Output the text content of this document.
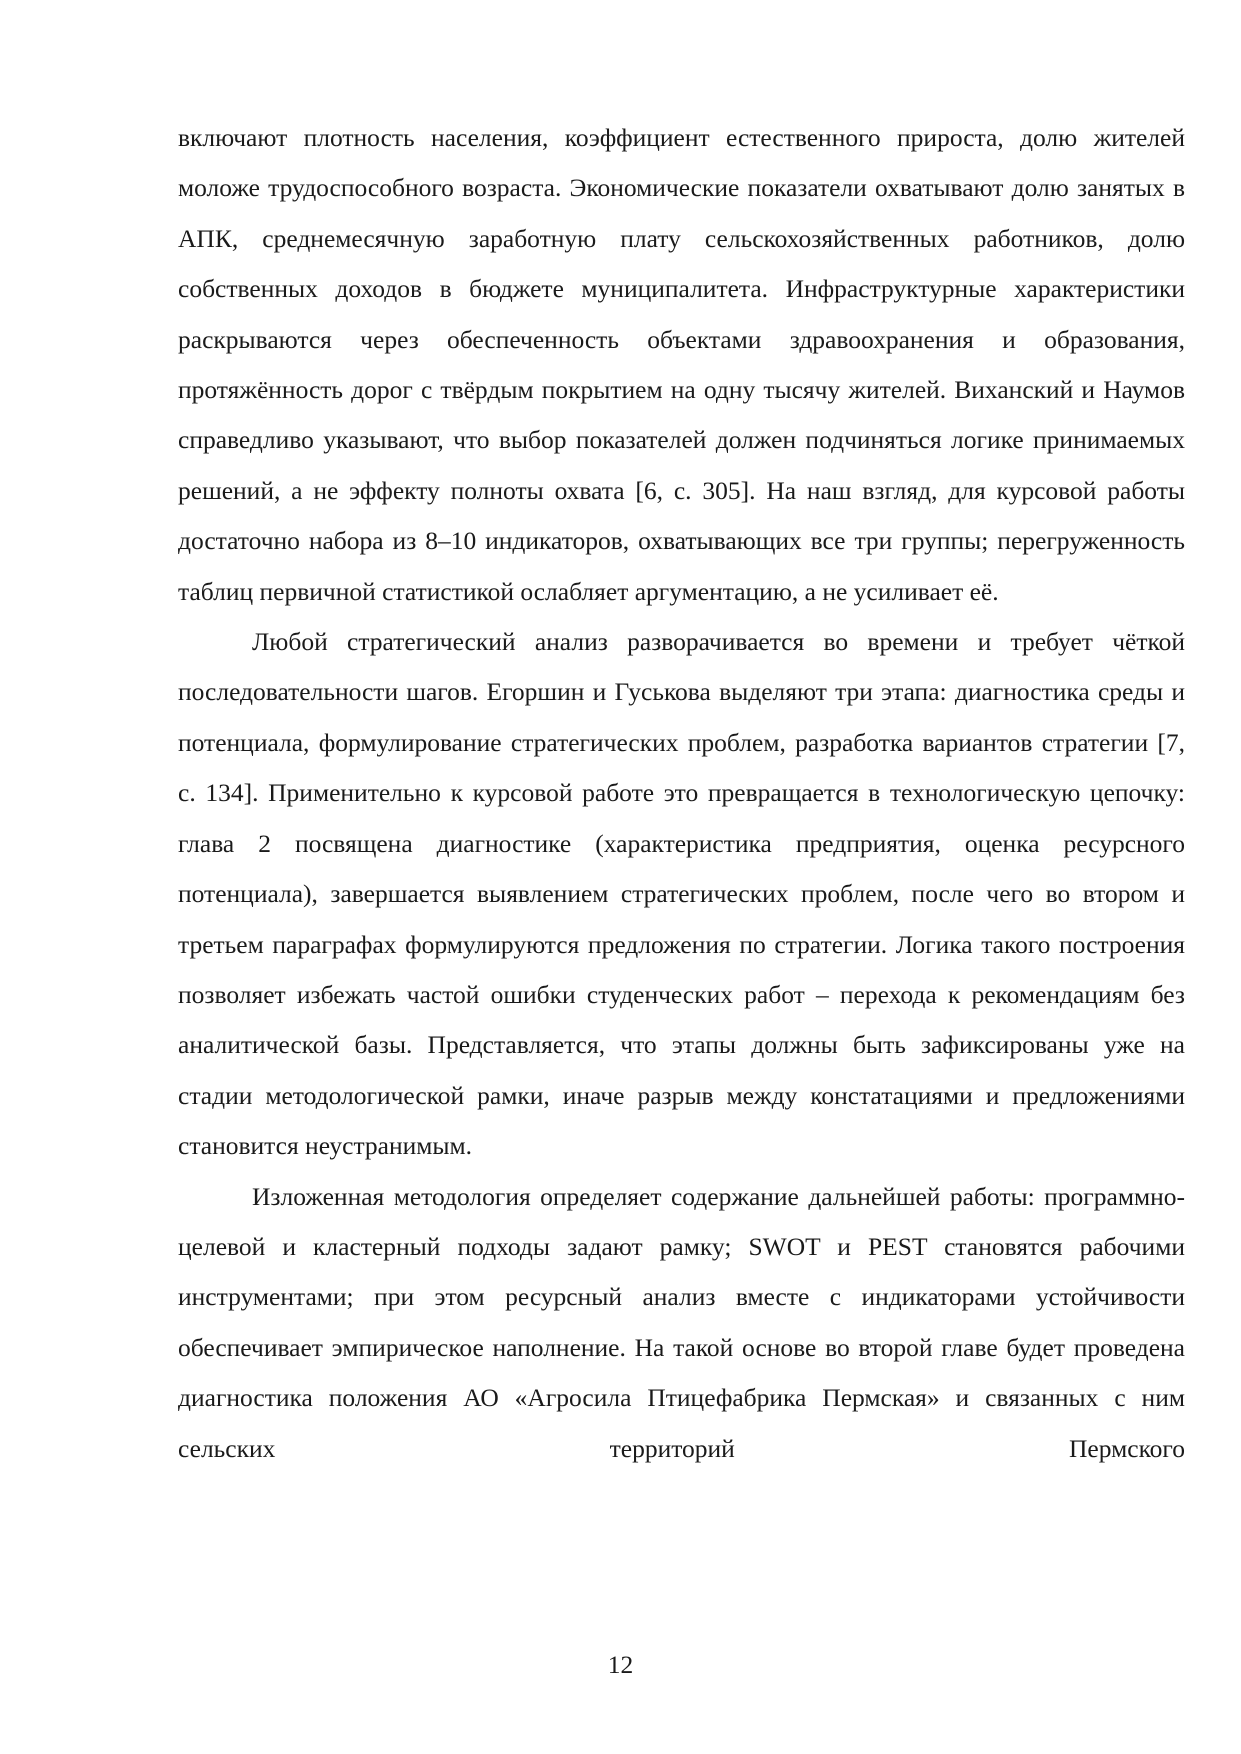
включают плотность населения, коэффициент естественного прироста, долю жителей моложе трудоспособного возраста. Экономические показатели охватывают долю занятых в АПК, среднемесячную заработную плату сельскохозяйственных работников, долю собственных доходов в бюджете муниципалитета. Инфраструктурные характеристики раскрываются через обеспеченность объектами здравоохранения и образования, протяжённость дорог с твёрдым покрытием на одну тысячу жителей. Виханский и Наумов справедливо указывают, что выбор показателей должен подчиняться логике принимаемых решений, а не эффекту полноты охвата [6, с. 305]. На наш взгляд, для курсовой работы достаточно набора из 8–10 индикаторов, охватывающих все три группы; перегруженность таблиц первичной статистикой ослабляет аргументацию, а не усиливает её.

Любой стратегический анализ разворачивается во времени и требует чёткой последовательности шагов. Егоршин и Гуськова выделяют три этапа: диагностика среды и потенциала, формулирование стратегических проблем, разработка вариантов стратегии [7, с. 134]. Применительно к курсовой работе это превращается в технологическую цепочку: глава 2 посвящена диагностике (характеристика предприятия, оценка ресурсного потенциала), завершается выявлением стратегических проблем, после чего во втором и третьем параграфах формулируются предложения по стратегии. Логика такого построения позволяет избежать частой ошибки студенческих работ – перехода к рекомендациям без аналитической базы. Представляется, что этапы должны быть зафиксированы уже на стадии методологической рамки, иначе разрыв между констатациями и предложениями становится неустранимым.

Изложенная методология определяет содержание дальнейшей работы: программно-целевой и кластерный подходы задают рамку; SWOT и PEST становятся рабочими инструментами; при этом ресурсный анализ вместе с индикаторами устойчивости обеспечивает эмпирическое наполнение. На такой основе во второй главе будет проведена диагностика положения АО «Агросила Птицефабрика Пермская» и связанных с ним сельских территорий Пермского

12
